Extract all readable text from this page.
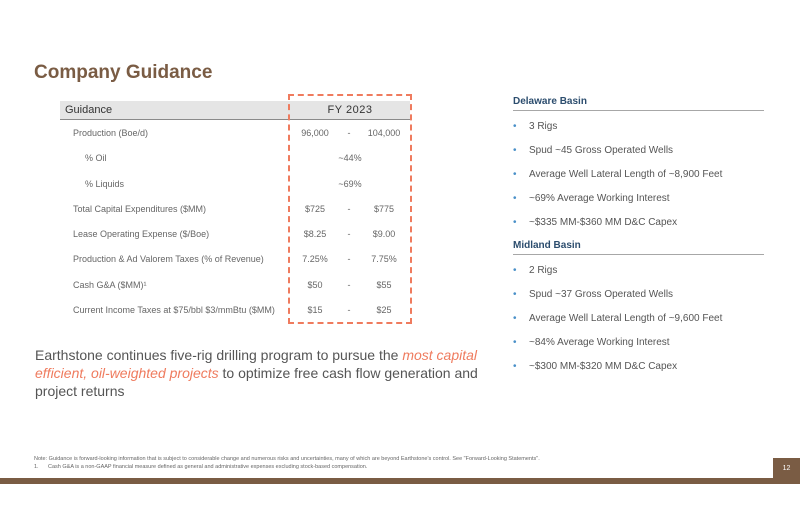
Company Guidance
Guidance	FY 2023
Production (Boe/d)	96,000	-	104,000
% Oil	~44%
% Liquids	~69%
Total Capital Expenditures ($MM)	$725	-	$775
Lease Operating Expense ($/Boe)	$8.25	-	$9.00
Production & Ad Valorem Taxes (% of Revenue)	7.25%	-	7.75%
Cash G&A ($MM)¹	$50	-	$55
Current Income Taxes at $75/bbl $3/mmBtu ($MM)	$15	-	$25
Earthstone continues five-rig drilling program to pursue the most capital efficient, oil-weighted projects to optimize free cash flow generation and project returns
Delaware Basin
• 3 Rigs
• Spud ~45 Gross Operated Wells
• Average Well Lateral Length of ~8,900 Feet
• ~69% Average Working Interest
• ~$335 MM-$360 MM D&C Capex
Midland Basin
• 2 Rigs
• Spud ~37 Gross Operated Wells
• Average Well Lateral Length of ~9,600 Feet
• ~84% Average Working Interest
• ~$300 MM-$320 MM D&C Capex
Note: Guidance is forward-looking information that is subject to considerable change and numerous risks and uncertainties, many of which are beyond Earthstone's control. See "Forward-Looking Statements".
1. Cash G&A is a non-GAAP financial measure defined as general and administrative expenses excluding stock-based compensation.	12
